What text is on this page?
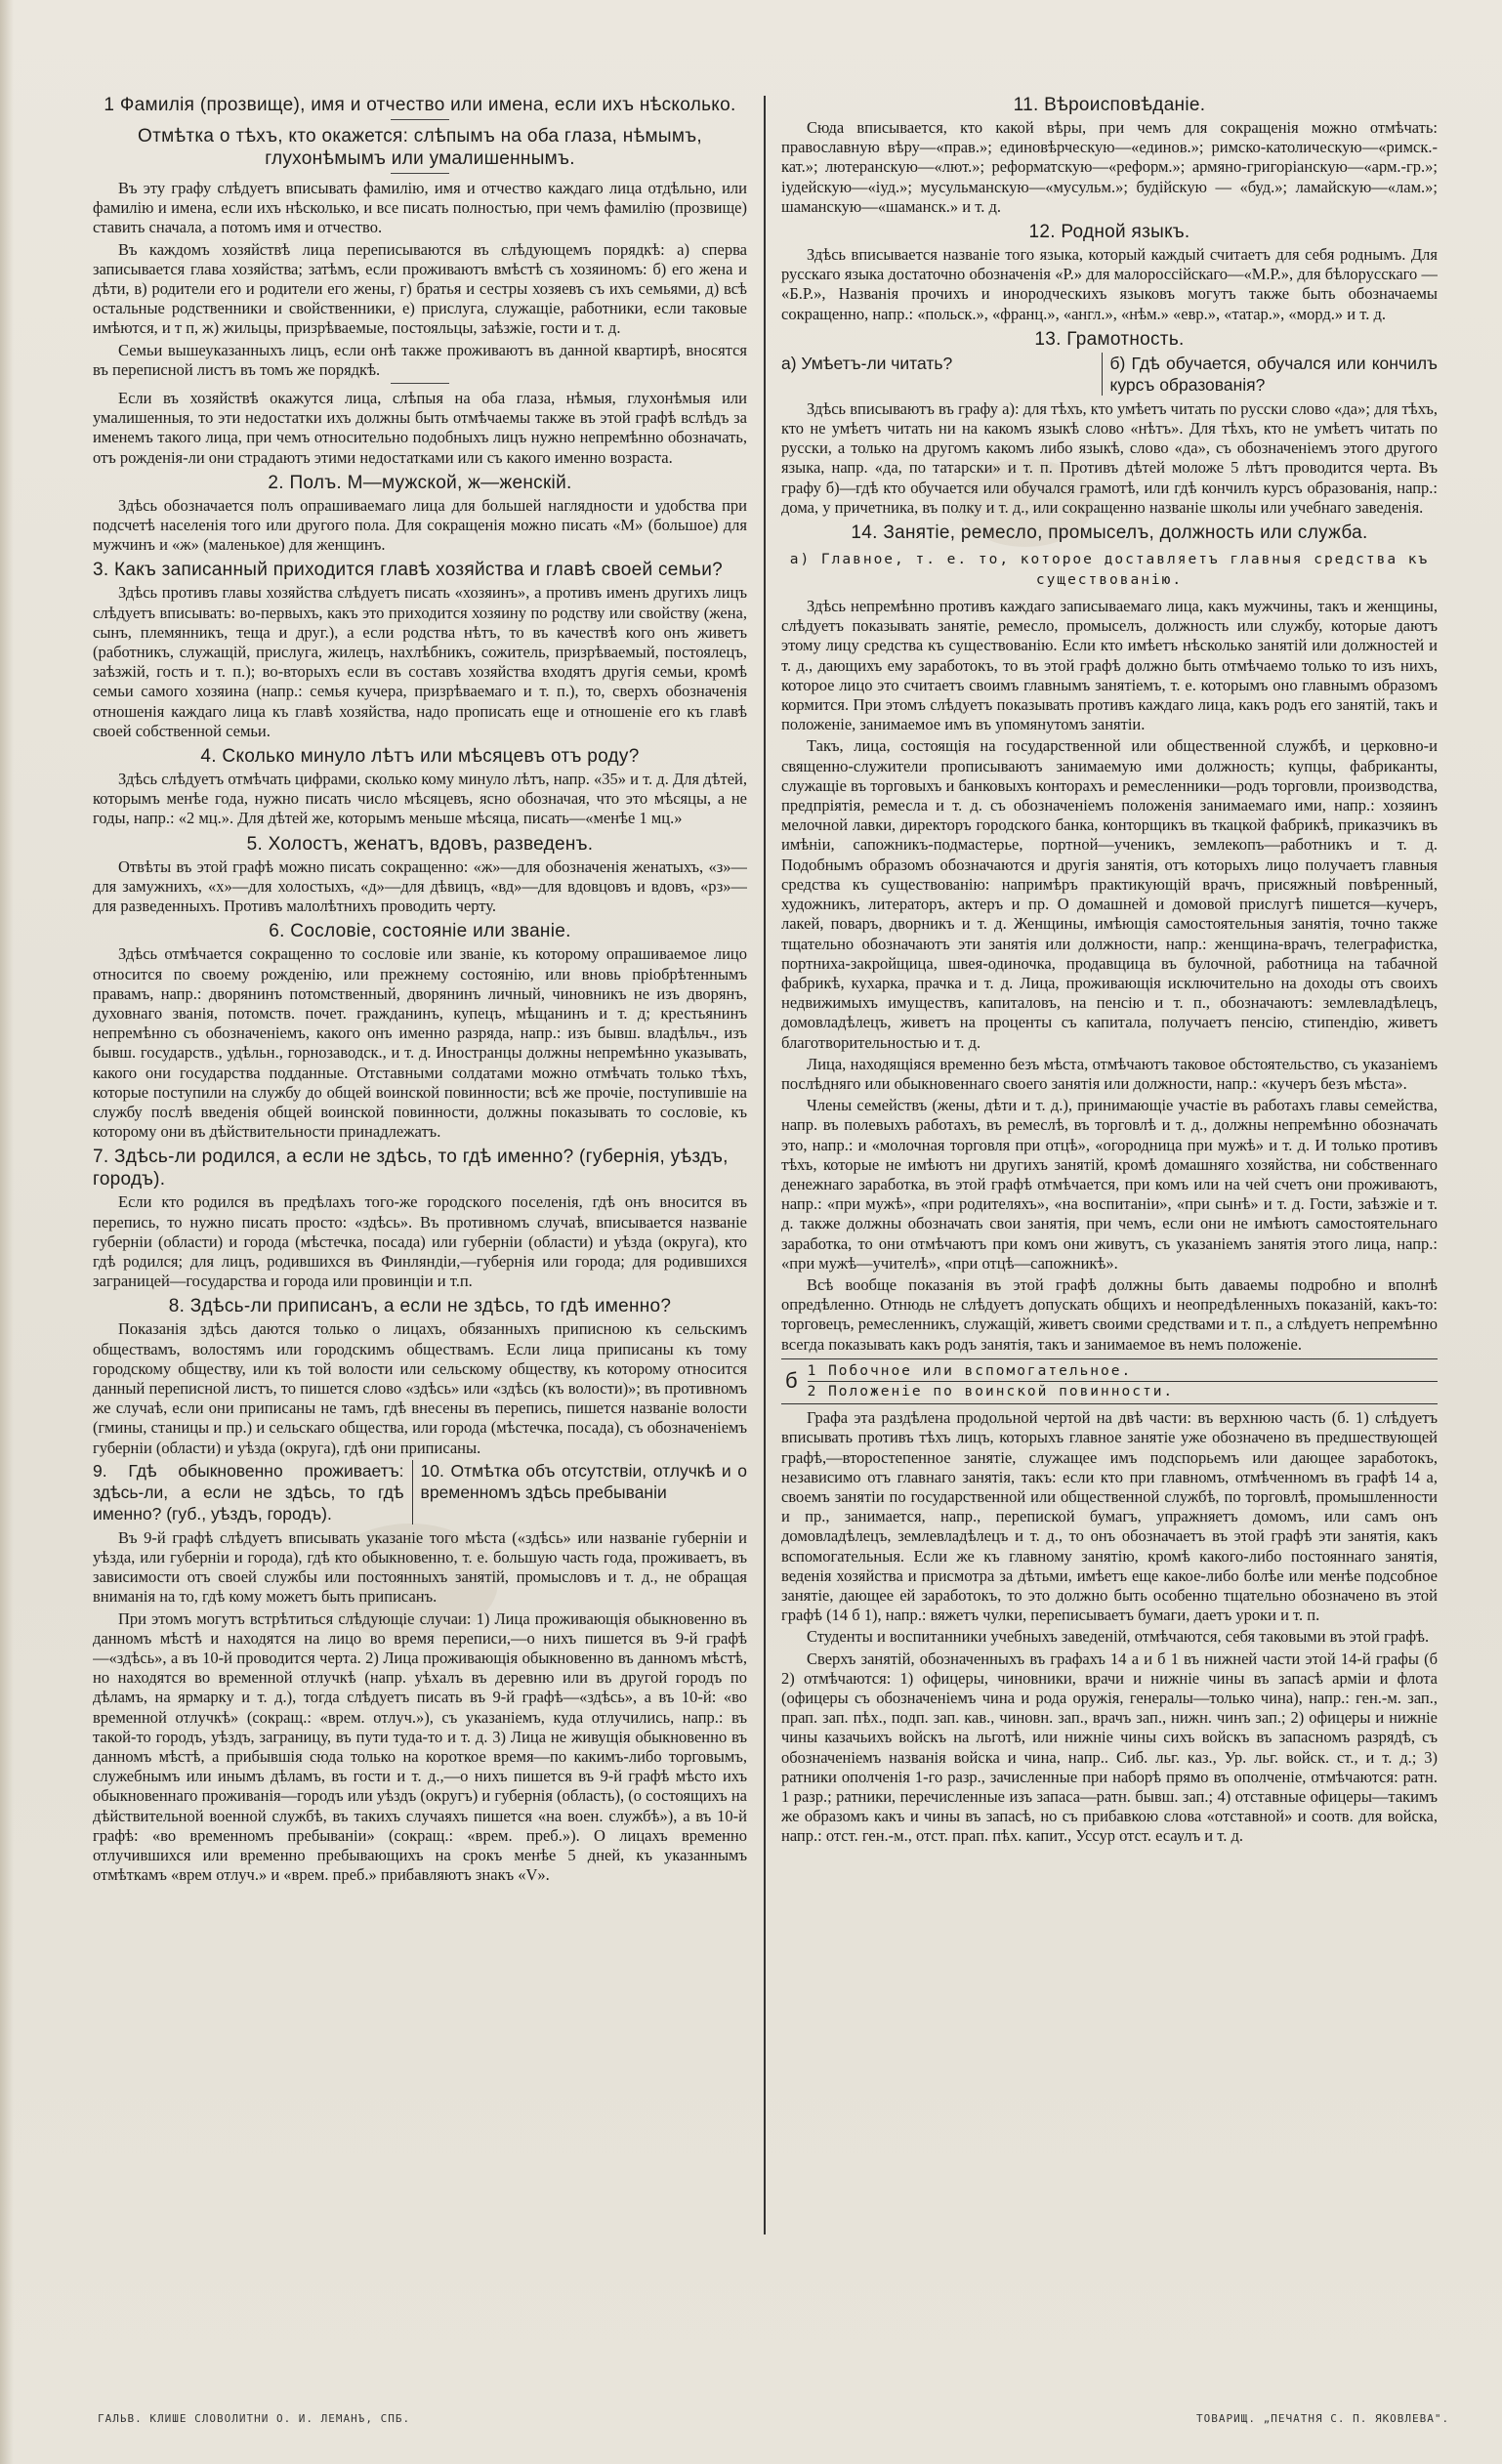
1 Фамилія (прозвище), имя и отчество или имена, если ихъ нѣсколько.
Отмѣтка о тѣхъ, кто окажется: слѣпымъ на оба глаза, нѣмымъ, глухонѣмымъ или умалишеннымъ.

Въ эту графу слѣдуетъ вписывать фамилію, имя и отчество каждаго лица отдѣльно, или фамилію и имена, если ихъ нѣсколько, и все писать полностью, при чемъ фамилію (прозвище) ставить сначала, а потомъ имя и отчество.

Въ каждомъ хозяйствѣ лица переписываются въ слѣдующемъ порядкѣ: а) сперва записывается глава хозяйства; затѣмъ, если проживаютъ вмѣстѣ съ хозяиномъ: б) его жена и дѣти, в) родители его и родители его жены, г) братья и сестры хозяевъ съ ихъ семьями, д) всѣ остальные родственники и свойственники, е) прислуга, служащіе, работники, если таковые имѣются, и т п, ж) жильцы, призрѣваемые, постояльцы, заѣзжіе, гости и т. д.

Семьи вышеуказанныхъ лицъ, если онѣ также проживаютъ въ данной квартирѣ, вносятся въ переписной листъ въ томъ же порядкѣ.

Если въ хозяйствѣ окажутся лица, слѣпыя на оба глаза, нѣмыя, глухонѣмыя или умалишенныя, то эти недостатки ихъ должны быть отмѣчаемы также въ этой графѣ вслѣдъ за именемъ такого лица, при чемъ относительно подобныхъ лицъ нужно непремѣнно обозначать, отъ рожденія-ли они страдаютъ этими недостатками или съ какого именно возраста.

2. Полъ. М—мужской, ж—женскій.

Здѣсь обозначается полъ опрашиваемаго лица для большей наглядности и удобства при подсчетѣ населенія того или другого пола. Для сокращенія можно писать «М» (большое) для мужчинъ и «ж» (маленькое) для женщинъ.

3. Какъ записанный приходится главѣ хозяйства и главѣ своей семьи?

Здѣсь противъ главы хозяйства слѣдуетъ писать «хозяинъ», а противъ именъ другихъ лицъ слѣдуетъ вписывать: во-первыхъ, какъ это приходится хозяину по родству или свойству (жена, сынъ, племянникъ, теща и друг.), а если родства нѣтъ, то въ качествѣ кого онъ живетъ (работникъ, служащій, прислуга, жилецъ, нахлѣбникъ, сожитель, призрѣваемый, постоялецъ, заѣзжій, гость и т. п.); во-вторыхъ если въ составъ хозяйства входятъ другія семьи, кромѣ семьи самого хозяина (напр.: семья кучера, призрѣваемаго и т. п.), то, сверхъ обозначенія отношенія каждаго лица къ главѣ хозяйства, надо прописать еще и отношеніе его къ главѣ своей собственной семьи.

4. Сколько минуло лѣтъ или мѣсяцевъ отъ роду?

Здѣсь слѣдуетъ отмѣчать цифрами, сколько кому минуло лѣтъ, напр. «35» и т. д. Для дѣтей, которымъ менѣе года, нужно писать число мѣсяцевъ, ясно обозначая, что это мѣсяцы, а не годы, напр.: «2 мц.». Для дѣтей же, которымъ меньше мѣсяца, писать—«менѣе 1 мц.»

5. Холостъ, женатъ, вдовъ, разведенъ.

Отвѣты въ этой графѣ можно писать сокращенно: «ж»—для обозначенія женатыхъ, «з»—для замужнихъ, «х»—для холостыхъ, «д»—для дѣвицъ, «вд»—для вдовцовъ и вдовъ, «рз»—для разведенныхъ. Противъ малолѣтнихъ проводить черту.

6. Сословіе, состояніе или званіе.

Здѣсь отмѣчается сокращенно то сословіе или званіе, къ которому опрашиваемое лицо относится по своему рожденію, или прежнему состоянію, или вновь пріобрѣтеннымъ правамъ, напр.: дворянинъ потомственный, дворянинъ личный, чиновникъ не изъ дворянъ, духовнаго званія, потомств. почет. гражданинъ, купецъ, мѣщанинъ и т. д; крестьянинъ непремѣнно съ обозначеніемъ, какого онъ именно разряда, напр.: изъ бывш. владѣльч., изъ бывш. государств., удѣльн., горнозаводск., и т. д. Иностранцы должны непремѣнно указывать, какого они государства подданные. Отставными солдатами можно отмѣчать только тѣхъ, которые поступили на службу до общей воинской повинности; всѣ же прочіе, поступившіе на службу послѣ введенія общей воинской повинности, должны показывать то сословіе, къ которому они въ дѣйствительности принадлежатъ.

7. Здѣсь-ли родился, а если не здѣсь, то гдѣ именно? (губернія, уѣздъ, городъ).

Если кто родился въ предѣлахъ того-же городского поселенія, гдѣ онъ вносится въ перепись, то нужно писать просто: «здѣсь». Въ противномъ случаѣ, вписывается названіе губерніи (области) и города (мѣстечка, посада) или губерніи (области) и уѣзда (округа), кто гдѣ родился; для лицъ, родившихся въ Финляндіи,—губернія или города; для родившихся заграницей—государства и города или провинціи и т.п.

8. Здѣсь-ли приписанъ, а если не здѣсь, то гдѣ именно?

Показанія здѣсь даются только о лицахъ, обязанныхъ приписною къ сельскимъ обществамъ, волостямъ или городскимъ обществамъ. Если лица приписаны къ тому городскому обществу, или къ той волости или сельскому обществу, къ которому относится данный переписной листъ, то пишется слово «здѣсь» или «здѣсь (къ волости)»; въ противномъ же случаѣ, если они приписаны не тамъ, гдѣ внесены въ перепись, пишется названіе волости (гмины, станицы и пр.) и сельскаго общества, или города (мѣстечка, посада), съ обозначеніемъ губерніи (области) и уѣзда (округа), гдѣ они приписаны.

9. Гдѣ обыкновенно проживаетъ: здѣсь-ли, а если не здѣсь, то гдѣ именно? (губ., уѣздъ, городъ).
10. Отмѣтка объ отсутствіи, отлучкѣ и о временномъ здѣсь пребываніи

Въ 9-й графѣ слѣдуетъ вписывать указаніе того мѣста («здѣсь» или названіе губерніи и уѣзда, или губерніи и города), гдѣ кто обыкновенно, т. е. большую часть года, проживаетъ, въ зависимости отъ своей службы или постоянныхъ занятій, промысловъ и т. д., не обращая вниманія на то, гдѣ кому можетъ быть приписанъ.

При этомъ могутъ встрѣтиться слѣдующіе случаи: 1) Лица проживающія обыкновенно въ данномъ мѣстѣ и находятся на лицо во время переписи,—о нихъ пишется въ 9-й графѣ—«здѣсь», а въ 10-й проводится черта. 2) Лица проживающія обыкновенно въ данномъ мѣстѣ, но находятся во временной отлучкѣ (напр. уѣхалъ въ деревню или въ другой городъ по дѣламъ, на ярмарку и т. д.), тогда слѣдуетъ писать въ 9-й графѣ—«здѣсь», а въ 10-й: «во временной отлучкѣ» (сокращ.: «врем. отлуч.»), съ указаніемъ, куда отлучились, напр.: въ такой-то городъ, уѣздъ, заграницу, въ пути туда-то и т. д. 3) Лица не живущія обыкновенно въ данномъ мѣстѣ, а прибывшія сюда только на короткое время—по какимъ-либо торговымъ, служебнымъ или инымъ дѣламъ, въ гости и т. д.,—о нихъ пишется въ 9-й графѣ мѣсто ихъ обыкновеннаго проживанія—городъ или уѣздъ (округъ) и губернія (область), (о состоящихъ на дѣйствительной военной службѣ, въ такихъ случаяхъ пишется «на воен. службѣ»), а въ 10-й графѣ: «во временномъ пребываніи» (сокращ.: «врем. преб.»). О лицахъ временно отлучившихся или временно пребывающихъ на срокъ менѣе 5 дней, къ указаннымъ отмѣткамъ «врем отлуч.» и «врем. преб.» прибавляютъ знакъ «V».

11. Вѣроисповѣданіе.

Сюда вписывается, кто какой вѣры, при чемъ для сокращенія можно отмѣчать: православную вѣру—«прав.»; единовѣрческую—«единов.»; римско-католическую—«римск.-кат.»; лютеранскую—«лют.»; реформатскую—«реформ.»; армяно-григоріанскую—«арм.-гр.»; іудейскую—«іуд.»; мусульманскую—«мусульм.»; будійскую — «буд.»; ламайскую—«лам.»; шаманскую—«шаманск.» и т. д.

12. Родной языкъ.

Здѣсь вписывается названіе того языка, который каждый считаетъ для себя роднымъ. Для русскаго языка достаточно обозначенія «Р.» для малороссійскаго—«М.Р.», для бѣлорусскаго — «Б.Р.», Названія прочихъ и инородческихъ языковъ могутъ также быть обозначаемы сокращенно, напр.: «польск.», «франц.», «англ.», «нѣм.» «евр.», «татар.», «морд.» и т. д.

13. Грамотность.
а) Умѣетъ-ли читать?	б) Гдѣ обучается, обучался или кончилъ курсъ образованія?

Здѣсь вписываютъ въ графу а): для тѣхъ, кто умѣетъ читать по русски слово «да»; для тѣхъ, кто не умѣетъ читать ни на какомъ языкѣ слово «нѣтъ». Для тѣхъ, кто не умѣетъ читать по русски, а только на другомъ какомъ либо языкѣ, слово «да», съ обозначеніемъ этого другого языка, напр. «да, по татарски» и т. п. Противъ дѣтей моложе 5 лѣтъ проводится черта. Въ графу б)—гдѣ кто обучается или обучался грамотѣ, или гдѣ кончилъ курсъ образованія, напр.: дома, у причетника, въ полку и т. д., или сокращенно названіе школы или учебнаго заведенія.

14. Занятіе, ремесло, промыселъ, должность или служба.
а) Главное, т. е. то, которое доставляетъ главныя средства къ существованію.

Здѣсь непремѣнно противъ каждаго записываемаго лица, какъ мужчины, такъ и женщины, слѣдуетъ показывать занятіе, ремесло, промыселъ, должность или службу, которые даютъ этому лицу средства къ существованію. Если кто имѣетъ нѣсколько занятій или должностей и т. д., дающихъ ему заработокъ, то въ этой графѣ должно быть отмѣчаемо только то изъ нихъ, которое лицо это считаетъ своимъ главнымъ занятіемъ, т. е. которымъ оно главнымъ образомъ кормится. При этомъ слѣдуетъ показывать противъ каждаго лица, какъ родъ его занятій, такъ и положеніе, занимаемое имъ въ упомянутомъ занятіи.

Такъ, лица, состоящія на государственной или общественной службѣ, и церковно-и священно-служители прописываютъ занимаемую ими должность; купцы, фабриканты, служащіе въ торговыхъ и банковыхъ конторахъ и ремесленники—родъ торговли, производства, предпріятія, ремесла и т. д. съ обозначеніемъ положенія занимаемаго ими, напр.: хозяинъ мелочной лавки, директоръ городского банка, конторщикъ въ ткацкой фабрикѣ, приказчикъ въ имѣніи, сапожникъ-подмастерье, портной—ученикъ, землекопъ—работникъ и т. д. Подобнымъ образомъ обозначаются и другія занятія, отъ которыхъ лицо получаетъ главныя средства къ существованію: напримѣръ практикующій врачъ, присяжный повѣренный, художникъ, литераторъ, актеръ и пр. О домашней и домовой прислугѣ пишется—кучеръ, лакей, поваръ, дворникъ и т. д. Женщины, имѣющія самостоятельныя занятія, точно также тщательно обозначаютъ эти занятія или должности, напр.: женщина-врачъ, телеграфистка, портниха-закройщица, швея-одиночка, продавщица въ булочной, работница на табачной фабрикѣ, кухарка, прачка и т. д. Лица, проживающія исключительно на доходы отъ своихъ недвижимыхъ имуществъ, капиталовъ, на пенсію и т. п., обозначаютъ: землевладѣлецъ, домовладѣлецъ, живетъ на проценты съ капитала, получаетъ пенсію, стипендію, живетъ благотворительностью и т. д.

Лица, находящіяся временно безъ мѣста, отмѣчаютъ таковое обстоятельство, съ указаніемъ послѣдняго или обыкновеннаго своего занятія или должности, напр.: «кучеръ безъ мѣста».

Члены семействъ (жены, дѣти и т. д.), принимающіе участіе въ работахъ главы семейства, напр. въ полевыхъ работахъ, въ ремеслѣ, въ торговлѣ и т. д., должны непремѣнно обозначать это, напр.: и «молочная торговля при отцѣ», «огородница при мужѣ» и т. д. И только противъ тѣхъ, которые не имѣютъ ни другихъ занятій, кромѣ домашняго хозяйства, ни собственнаго денежнаго заработка, въ этой графѣ отмѣчается, при комъ или на чей счетъ они проживаютъ, напр.: «при мужѣ», «при родителяхъ», «на воспитаніи», «при сынѣ» и т. д. Гости, заѣзжіе и т. д. также должны обозначать свои занятія, при чемъ, если они не имѣютъ самостоятельнаго заработка, то они отмѣчаютъ при комъ они живутъ, съ указаніемъ занятія этого лица, напр.: «при мужѣ—учителѣ», «при отцѣ—сапожникѣ».

Всѣ вообще показанія въ этой графѣ должны быть даваемы подробно и вполнѣ опредѣленно. Отнюдь не слѣдуетъ допускать общихъ и неопредѣленныхъ показаній, какъ-то: торговецъ, ремесленникъ, служащій, живетъ своими средствами и т. п., а слѣдуетъ непремѣнно всегда показывать какъ родъ занятія, такъ и занимаемое въ немъ положеніе.

б 1 Побочное или вспомогательное.
2 Положеніе по воинской повинности.

Графа эта раздѣлена продольной чертой на двѣ части: въ верхнюю часть (б. 1) слѣдуетъ вписывать противъ тѣхъ лицъ, которыхъ главное занятіе уже обозначено въ предшествующей графѣ,—второстепенное занятіе, служащее имъ подспорьемъ или дающее заработокъ, независимо отъ главнаго занятія, такъ: если кто при главномъ, отмѣченномъ въ графѣ 14 а, своемъ занятіи по государственной или общественной службѣ, по торговлѣ, промышленности и пр., занимается, напр., перепиской бумагъ, упражняетъ домомъ, или самъ онъ домовладѣлецъ, землевладѣлецъ и т. д., то онъ обозначаетъ въ этой графѣ эти занятія, какъ вспомогательныя. Если же къ главному занятію, кромѣ какого-либо постояннаго занятія, веденія хозяйства и присмотра за дѣтьми, имѣетъ еще какое-либо болѣе или менѣе подсобное занятіе, дающее ей заработокъ, то это должно быть особенно тщательно обозначено въ этой графѣ (14 б 1), напр.: вяжетъ чулки, переписываетъ бумаги, даетъ уроки и т. п.

Студенты и воспитанники учебныхъ заведеній, отмѣчаются, себя таковыми въ этой графѣ.

Сверхъ занятій, обозначенныхъ въ графахъ 14 а и б 1 въ нижней части этой 14-й графы (б 2) отмѣчаются: 1) офицеры, чиновники, врачи и нижніе чины въ запасѣ арміи и флота (офицеры съ обозначеніемъ чина и рода оружія, генералы—только чина), напр.: ген.-м. зап., прап. зап. пѣх., подп. зап. кав., чиновн. зап., врачъ зап., нижн. чинъ зап.; 2) офицеры и нижніе чины казачьихъ войскъ на льготѣ, или нижніе чины сихъ войскъ въ запасномъ разрядѣ, съ обозначеніемъ названія войска и чина, напр.. Сиб. льг. каз., Ур. льг. войск. ст., и т. д.; 3) ратники ополченія 1-го разр., зачисленные при наборѣ прямо въ ополченіе, отмѣчаются: ратн. 1 разр.; ратники, перечисленные изъ запаса—ратн. бывш. зап.; 4) отставные офицеры—такимъ же образомъ какъ и чины въ запасѣ, но съ прибавкою слова «отставной» и соотв. для войска, напр.: отст. ген.-м., отст. прап. пѣх. капит., Уссур отст. есаулъ и т. д.

ГАЛЬВ. КЛИШЕ СЛОВОЛИТНИ О. И. ЛЕМАНЪ, СПБ.	ТОВАРИЩ. „ПЕЧАТНЯ С. П. ЯКОВЛЕВА".
